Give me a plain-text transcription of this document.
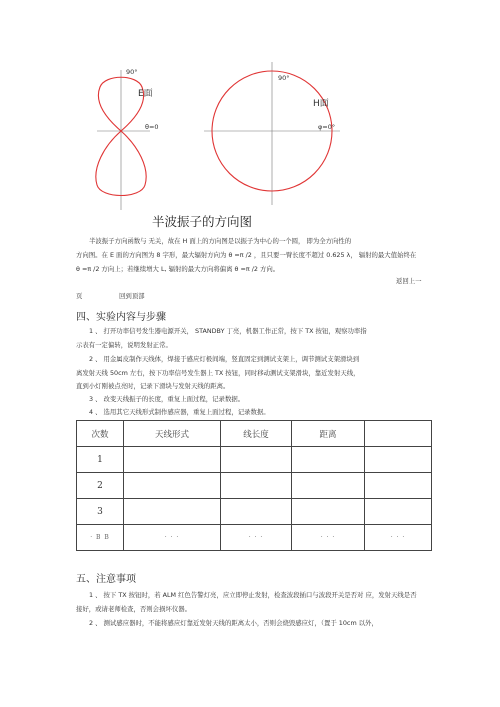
90°
E面
θ=0
90°
H面
φ=0°
半波振子的方向图
半波振子方向函数与 无关，故在 H 面上的方向图是以振子为中心的一个圆， 即为全方向性的
方向图。在 E 面的方向图为 8 字形，最大辐射方向为 θ =π /2 ，且只要一臂长度不超过 0.625 λ， 辐射的最大值始终在
θ =π /2 方向上；若继续增大 L, 辐射的最大方向将偏离 θ =π /2 方向。
返回上一
页	回到顶部
四、实验内容与步骤
1 、 打开功率信号发生器电源开关， STANDBY 丁亮，机器工作正常，按下 TX 按钮，观察功率指
示表有一定偏转，说明发射正常。
2 、 用金属皮制作天线体，焊接于感应灯极间端，竖直固定到测试支架上，调节测试支架滑块到
离发射天线 50cm 左右，按下功率信号发生器上 TX 按钮，同时移动测试支架滑块，靠近发射天线，
直到小灯刚被点亮时，记录下滑块与发射天线的距离。
3 、 改变天线振子的长度，重复上面过程，记录数据。
4 、 选用其它天线形式制作感应器，重复上面过程，记录数据。
次数	天线形式	线长度	距离	
1				
2				
3				
· B B	· · ·	· · ·	· · ·	· · ·
五、注意事项
1 、 按下 TX 按钮时，若 ALM 红色告警灯亮，应立即停止发射，检查波段插口与波段开关是否对 应，发射天线是否
接好，或请老师检查，否则会损坏仪器。
2 、 测试感应器时，不能将感应灯靠近发射天线的距离太小，否则会烧毁感应灯，（置于 10cm 以外，
